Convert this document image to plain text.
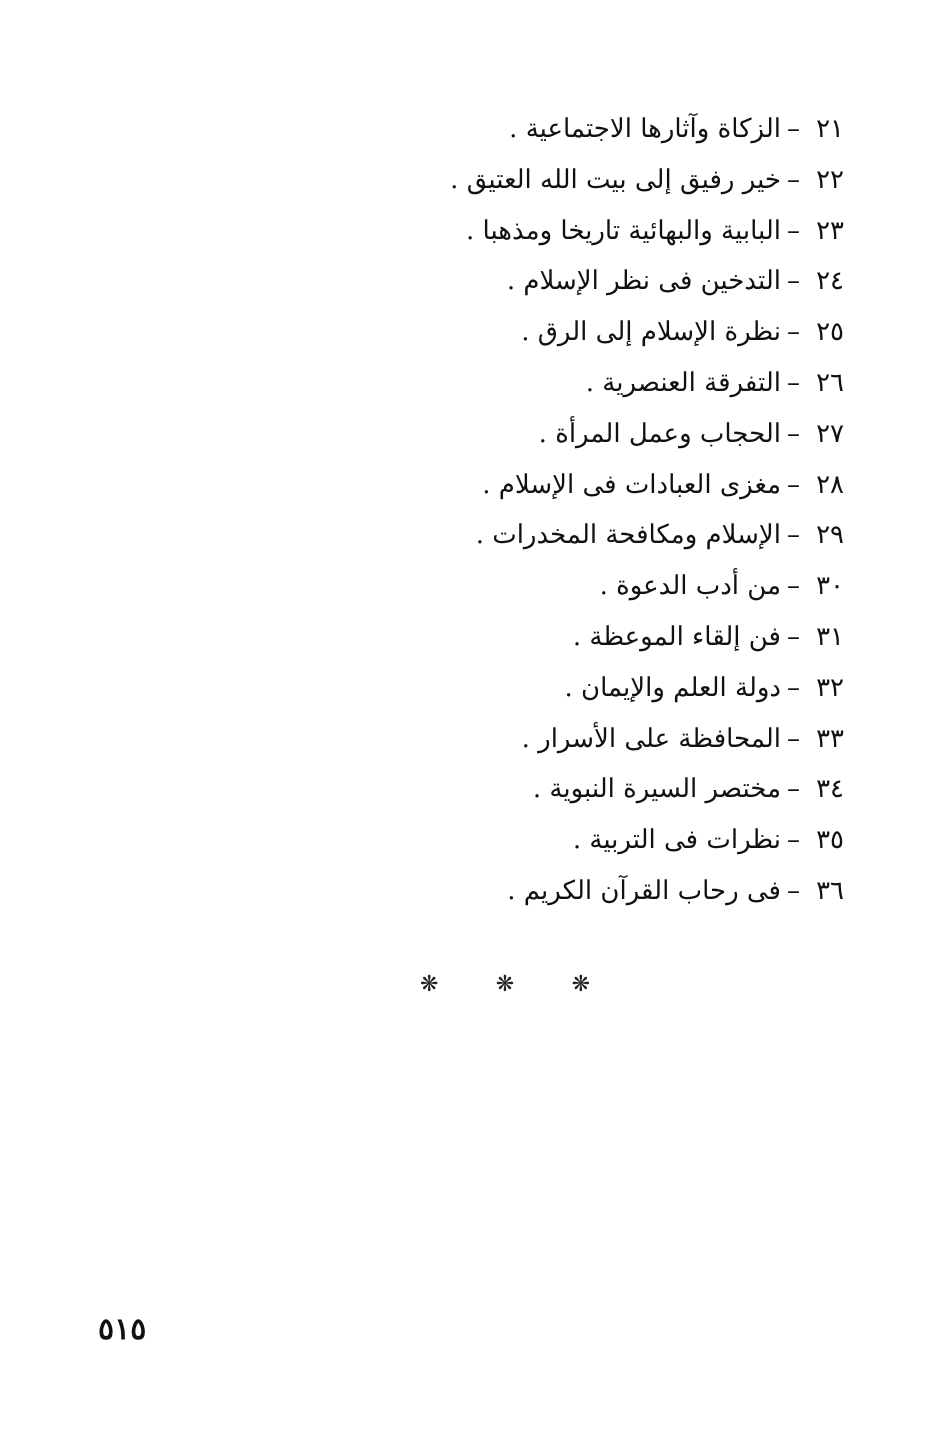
٢١–الزكاة وآثارها الاجتماعية .
٢٢–خير رفيق إلى بيت الله العتيق .
٢٣–البابية والبهائية تاريخا ومذهبا .
٢٤–التدخين فى نظر الإسلام .
٢٥–نظرة الإسلام إلى الرق .
٢٦–التفرقة العنصرية .
٢٧–الحجاب وعمل المرأة .
٢٨–مغزى العبادات فى الإسلام .
٢٩–الإسلام ومكافحة المخدرات .
٣٠–من أدب الدعوة .
٣١–فن إلقاء الموعظة .
٣٢–دولة العلم والإيمان .
٣٣–المحافظة على الأسرار .
٣٤–مختصر السيرة النبوية .
٣٥–نظرات فى التربية .
٣٦–فى رحاب القرآن الكريم .
❋	❋	❋
٥١٥
